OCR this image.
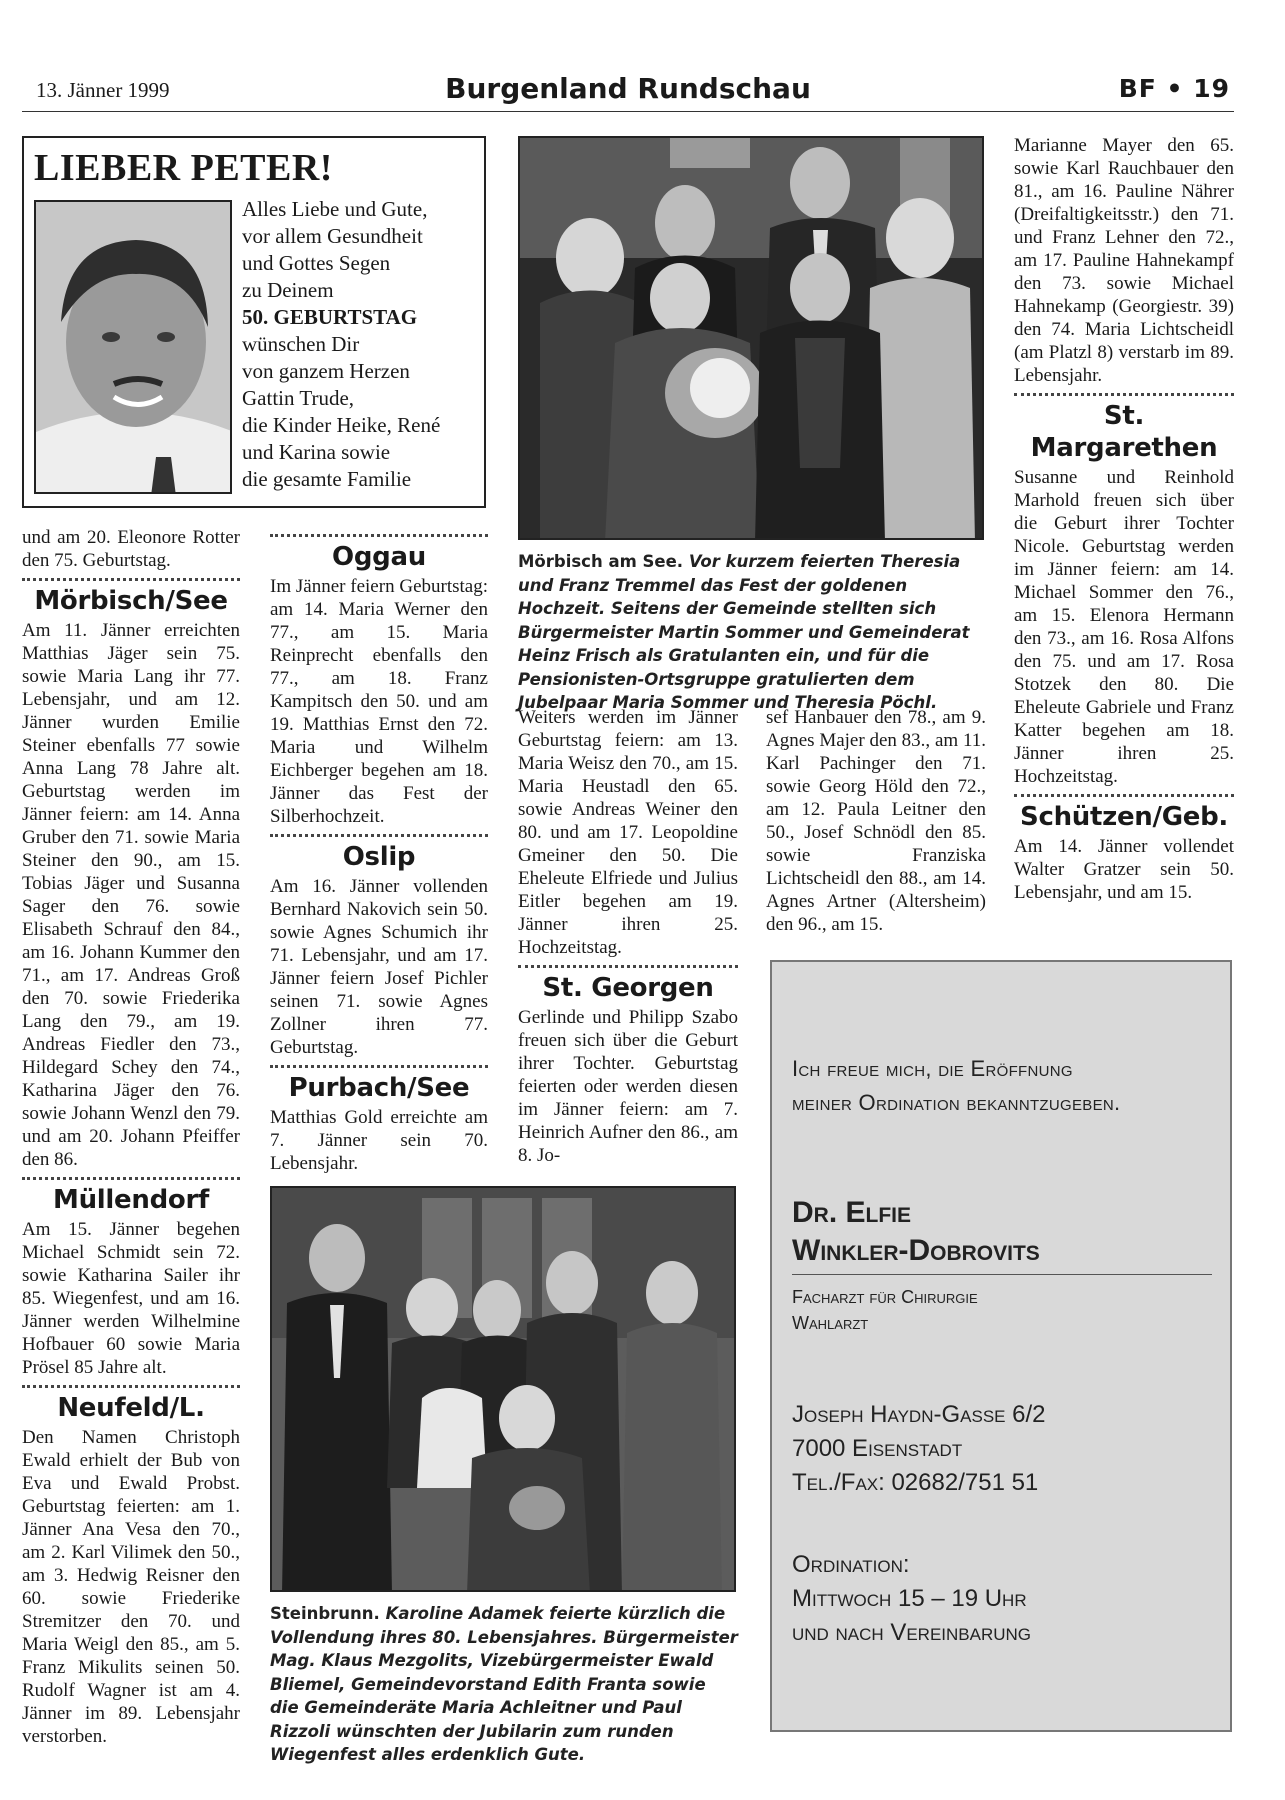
13. Jänner 1999	Burgenland Rundschau	BF • 19
LIEBER PETER!
Alles Liebe und Gute,
vor allem Gesundheit
und Gottes Segen
zu Deinem
50. GEBURTSTAG
wünschen Dir
von ganzem Herzen
Gattin Trude,
die Kinder Heike, René
und Karina sowie
die gesamte Familie

und am 20. Eleonore Rotter den 75. Geburtstag.

Mörbisch/See

Am 11. Jänner erreichten Matthias Jäger sein 75. sowie Maria Lang ihr 77. Lebensjahr, und am 12. Jänner wurden Emilie Steiner ebenfalls 77 sowie Anna Lang 78 Jahre alt. Geburtstag werden im Jänner feiern: am 14. Anna Gruber den 71. sowie Maria Steiner den 90., am 15. Tobias Jäger und Susanna Sager den 76. sowie Elisabeth Schrauf den 84., am 16. Johann Kummer den 71., am 17. Andreas Groß den 70. sowie Friederika Lang den 79., am 19. Andreas Fiedler den 73., Hildegard Schey den 74., Katharina Jäger den 76. sowie Johann Wenzl den 79. und am 20. Johann Pfeiffer den 86.

Müllendorf

Am 15. Jänner begehen Michael Schmidt sein 72. sowie Katharina Sailer ihr 85. Wiegenfest, und am 16. Jänner werden Wilhelmine Hofbauer 60 sowie Maria Prösel 85 Jahre alt.

Neufeld/L.

Den Namen Christoph Ewald erhielt der Bub von Eva und Ewald Probst. Geburtstag feierten: am 1. Jänner Ana Vesa den 70., am 2. Karl Vilimek den 50., am 3. Hedwig Reisner den 60. sowie Friederike Stremitzer den 70. und Maria Weigl den 85., am 5. Franz Mikulits seinen 50. Rudolf Wagner ist am 4. Jänner im 89. Lebensjahr verstorben.

Oggau

Im Jänner feiern Geburtstag: am 14. Maria Werner den 77., am 15. Maria Reinprecht ebenfalls den 77., am 18. Franz Kampitsch den 50. und am 19. Matthias Ernst den 72. Maria und Wilhelm Eichberger begehen am 18. Jänner das Fest der Silberhochzeit.

Oslip

Am 16. Jänner vollenden Bernhard Nakovich sein 50. sowie Agnes Schumich ihr 71. Lebensjahr, und am 17. Jänner feiern Josef Pichler seinen 71. sowie Agnes Zollner ihren 77. Geburtstag.

Purbach/See

Matthias Gold erreichte am 7. Jänner sein 70. Lebensjahr.

Mörbisch am See. Vor kurzem feierten Theresia und Franz Tremmel das Fest der goldenen Hochzeit. Seitens der Gemeinde stellten sich Bürgermeister Martin Sommer und Gemeinderat Heinz Frisch als Gratulanten ein, und für die Pensionisten-Ortsgruppe gratulierten dem Jubelpaar Maria Sommer und Theresia Pöchl.

Weiters werden im Jänner Geburtstag feiern: am 13. Maria Weisz den 70., am 15. Maria Heustadl den 65. sowie Andreas Weiner den 80. und am 17. Leopoldine Gmeiner den 50. Die Eheleute Elfriede und Julius Eitler begehen am 19. Jänner ihren 25. Hochzeitstag.

St. Georgen

Gerlinde und Philipp Szabo freuen sich über die Geburt ihrer Tochter. Geburtstag feierten oder werden diesen im Jänner feiern: am 7. Heinrich Aufner den 86., am 8. Jo-

sef Hanbauer den 78., am 9. Agnes Majer den 83., am 11. Karl Pachinger den 71. sowie Georg Höld den 72., am 12. Paula Leitner den 50., Josef Schnödl den 85. sowie Franziska Lichtscheidl den 88., am 14. Agnes Artner (Altersheim) den 96., am 15.

Marianne Mayer den 65. sowie Karl Rauchbauer den 81., am 16. Pauline Nährer (Dreifaltigkeitsstr.) den 71. und Franz Lehner den 72., am 17. Pauline Hahnekampf den 73. sowie Michael Hahnekamp (Georgiestr. 39) den 74. Maria Lichtscheidl (am Platzl 8) verstarb im 89. Lebensjahr.

St. Margarethen

Susanne und Reinhold Marhold freuen sich über die Geburt ihrer Tochter Nicole. Geburtstag werden im Jänner feiern: am 14. Michael Sommer den 76., am 15. Elenora Hermann den 73., am 16. Rosa Alfons den 75. und am 17. Rosa Stotzek den 80. Die Eheleute Gabriele und Franz Katter begehen am 18. Jänner ihren 25. Hochzeitstag.

Schützen/Geb.

Am 14. Jänner vollendet Walter Gratzer sein 50. Lebensjahr, und am 15.

Steinbrunn. Karoline Adamek feierte kürzlich die Vollendung ihres 80. Lebensjahres. Bürgermeister Mag. Klaus Mezgolits, Vizebürgermeister Ewald Bliemel, Gemeindevorstand Edith Franta sowie die Gemeinderäte Maria Achleitner und Paul Rizzoli wünschten der Jubilarin zum runden Wiegenfest alles erdenklich Gute.
Ich freue mich, die Eröffnung
meiner Ordination bekanntzugeben.
Dr. Elfie
Winkler-Dobrovits
Facharzt für Chirurgie
Wahlarzt
Joseph Haydn-Gasse 6/2
7000 Eisenstadt
Tel./Fax: 02682/751 51
Ordination:
Mittwoch 15 – 19 Uhr
und nach Vereinbarung
